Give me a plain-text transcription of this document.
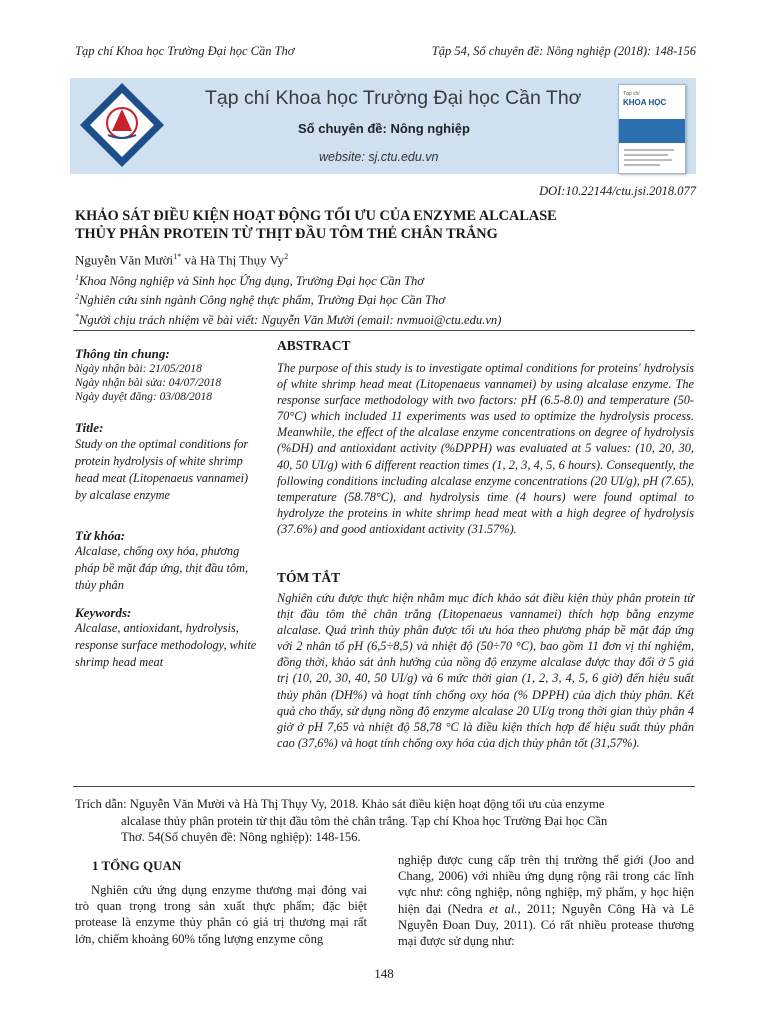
Tạp chí Khoa học Trường Đại học Cần Thơ	Tập 54, Số chuyên đề: Nông nghiệp (2018): 148-156
Tạp chí Khoa học Trường Đại học Cần Thơ
Số chuyên đề: Nông nghiệp
website: sj.ctu.edu.vn
Tạp chí
KHOA HỌC
DOI:10.22144/ctu.jsi.2018.077
KHẢO SÁT ĐIỀU KIỆN HOẠT ĐỘNG TỐI ƯU CỦA ENZYME ALCALASE
THỦY PHÂN PROTEIN TỪ THỊT ĐẦU TÔM THẺ CHÂN TRẮNG
Nguyễn Văn Mười$^{1*}$ và Hà Thị Thụy Vy$^2$
$^1$Khoa Nông nghiệp và Sinh học Ứng dụng, Trường Đại học Cần Thơ
$^2$Nghiên cứu sinh ngành Công nghệ thực phẩm, Trường Đại học Cần Thơ
*Người chịu trách nhiệm về bài viết: Nguyễn Văn Mười (email: nvmuoi@ctu.edu.vn)
Thông tin chung:
Ngày nhận bài: 21/05/2018
Ngày nhận bài sửa: 04/07/2018
Ngày duyệt đăng: 03/08/2018
Title:
Study on the optimal conditions for protein hydrolysis of white shrimp head meat (Litopenaeus vannamei) by alcalase enzyme
Từ khóa:
Alcalase, chống oxy hóa, phương pháp bề mặt đáp ứng, thịt đầu tôm, thủy phân
Keywords:
Alcalase, antioxidant, hydrolysis, response surface methodology, white shrimp head meat
ABSTRACT
The purpose of this study is to investigate optimal conditions for proteins' hydrolysis of white shrimp head meat (Litopenaeus vannamei) by using alcalase enzyme. The response surface methodology with two factors: pH (6.5-8.0) and temperature (50-70°C) which included 11 experiments was used to optimize the hydrolysis process. Meanwhile, the effect of the alcalase enzyme concentrations on degree of hydrolysis (%DH) and antioxidant activity (%DPPH) was evaluated at 5 values: (10, 20, 30, 40, 50 UI/g) with 6 different reaction times (1, 2, 3, 4, 5, 6 hours). Consequently, the following conditions including alcalase enzyme concentrations (20 UI/g), pH (7.65), temperature (58.78°C), and hydrolysis time (4 hours) were found optimal to hydrolyze the proteins in white shrimp head meat with a high degree of hydrolysis (37.6%) and good antioxidant activity (31.57%).
TÓM TẮT
Nghiên cứu được thực hiện nhằm mục đích khảo sát điều kiện thủy phân protein từ thịt đầu tôm thẻ chân trắng (Litopenaeus vannamei) thích hợp bằng enzyme alcalase. Quá trình thủy phân được tối ưu hóa theo phương pháp bề mặt đáp ứng với 2 nhân tố pH (6,5÷8,5) và nhiệt độ (50÷70 °C), bao gồm 11 đơn vị thí nghiệm, đồng thời, khảo sát ảnh hưởng của nồng độ enzyme alcalase được thay đổi ở 5 giá trị (10, 20, 30, 40, 50 UI/g) và 6 mức thời gian (1, 2, 3, 4, 5, 6 giờ) đến hiệu suất thủy phân (DH%) và hoạt tính chống oxy hóa (% DPPH) của dịch thủy phân. Kết quả cho thấy, sử dụng nồng độ enzyme alcalase 20 UI/g trong thời gian thủy phân 4 giờ ở pH 7,65 và nhiệt độ 58,78 °C là điều kiện thích hợp để hiệu suất thủy phân cao (37,6%) và hoạt tính chống oxy hóa của dịch thủy phân tốt (31,57%).
Trích dẫn: Nguyễn Văn Mười và Hà Thị Thụy Vy, 2018. Khảo sát điều kiện hoạt động tối ưu của enzyme
alcalase thủy phân protein từ thịt đầu tôm thẻ chân trắng. Tạp chí Khoa học Trường Đại học Cần
Thơ. 54(Số chuyên đề: Nông nghiệp): 148-156.
1 TỔNG QUAN
Nghiên cứu ứng dụng enzyme thương mại đóng vai trò quan trọng trong sản xuất thực phẩm; đặc biệt protease là enzyme thủy phân có giá trị thương mại rất lớn, chiếm khoảng 60% tổng lượng enzyme công
nghiệp được cung cấp trên thị trường thế giới (Joo and Chang, 2006) với nhiều ứng dụng rộng rãi trong các lĩnh vực như: công nghiệp, nông nghiệp, mỹ phẩm, y học hiện hiện đại (Nedra et al., 2011; Nguyễn Công Hà và Lê Nguyễn Đoan Duy, 2011). Có rất nhiều protease thương mại được sử dụng như:
148
